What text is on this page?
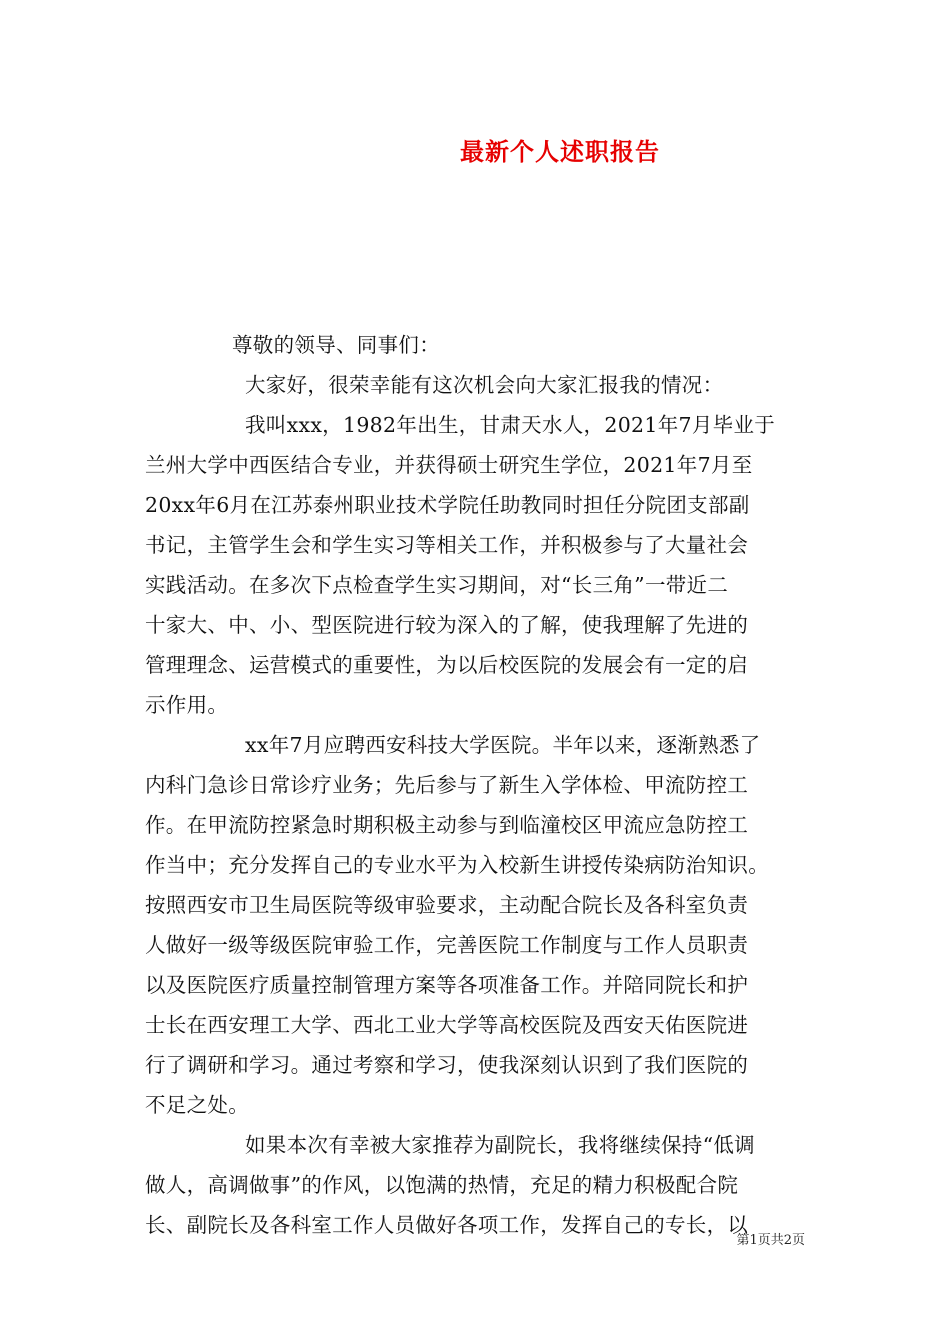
最新个人述职报告
尊敬的领导、同事们：
大家好，很荣幸能有这次机会向大家汇报我的情况：
我叫xxx，1982年出生，甘肃天水人，2021年7月毕业于
兰州大学中西医结合专业，并获得硕士研究生学位，2021年7月至
20xx年6月在江苏泰州职业技术学院任助教同时担任分院团支部副
书记，主管学生会和学生实习等相关工作，并积极参与了大量社会
实践活动。在多次下点检查学生实习期间，对“长三角”一带近二
十家大、中、小、型医院进行较为深入的了解，使我理解了先进的
管理理念、运营模式的重要性，为以后校医院的发展会有一定的启
示作用。
xx年7月应聘西安科技大学医院。半年以来，逐渐熟悉了
内科门急诊日常诊疗业务；先后参与了新生入学体检、甲流防控工
作。在甲流防控紧急时期积极主动参与到临潼校区甲流应急防控工
作当中；充分发挥自己的专业水平为入校新生讲授传染病防治知识。
按照西安市卫生局医院等级审验要求，主动配合院长及各科室负责
人做好一级等级医院审验工作，完善医院工作制度与工作人员职责
以及医院医疗质量控制管理方案等各项准备工作。并陪同院长和护
士长在西安理工大学、西北工业大学等高校医院及西安天佑医院进
行了调研和学习。通过考察和学习，使我深刻认识到了我们医院的
不足之处。
如果本次有幸被大家推荐为副院长，我将继续保持“低调
做人，高调做事”的作风，以饱满的热情，充足的精力积极配合院
长、副院长及各科室工作人员做好各项工作，发挥自己的专长，以
第1页共2页
